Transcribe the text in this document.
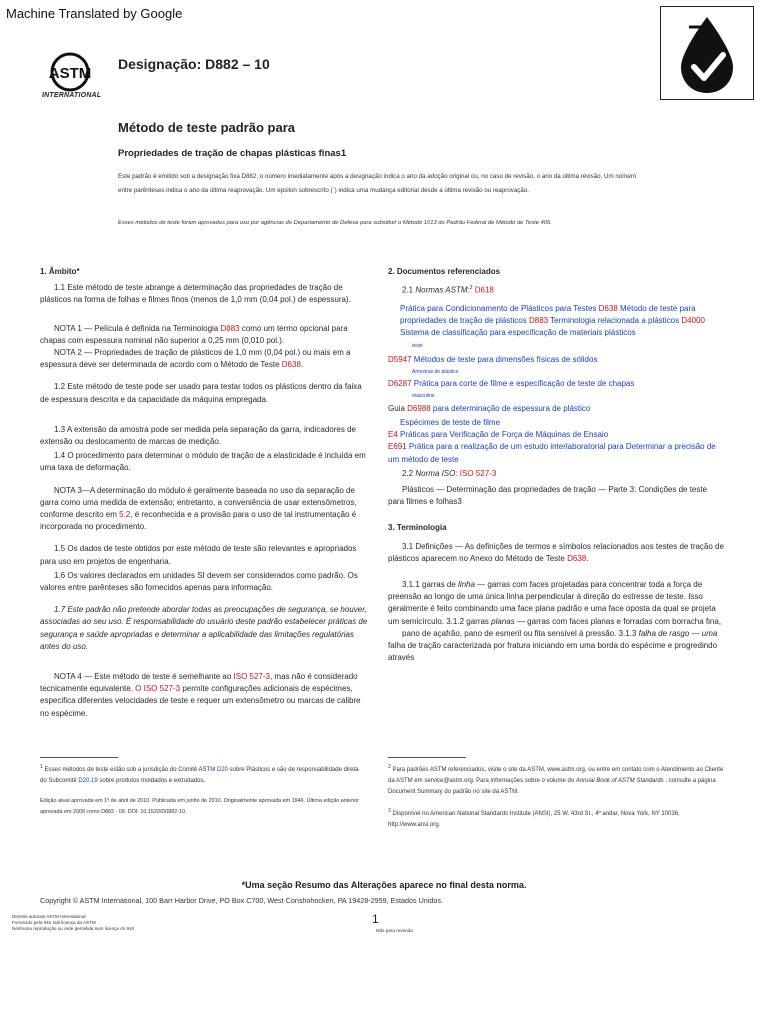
Machine Translated by Google
ASTM
INTERNATIONAL
Designação: D882 – 10
Método de teste padrão para
Propriedades de tração de chapas plásticas finas1
Este padrão é emitido sob a designação fixa D882; o número imediatamente após a designação indica o ano da adoção original ou, no caso de revisão, o ano da última revisão. Um número entre parênteses indica o ano da última reaprovação. Um epsilon sobrescrito (´) indica uma mudança editorial desde a última revisão ou reaprovação.
Esses métodos de teste foram aprovados para uso por agências do Departamento de Defesa para substituir o Método 1013 do Padrão Federal de Método de Teste 406.

1. Âmbito*

1.1 Este método de teste abrange a determinação das propriedades de tração de plásticos na forma de folhas e filmes finos (menos de 1,0 mm (0,04 pol.) de espessura).

NOTA 1 — Película é definida na Terminologia D883 como um termo opcional para chapas com espessura nominal não superior a 0,25 mm (0,010 pol.).

NOTA 2 — Propriedades de tração de plásticos de 1,0 mm (0,04 pol.) ou mais em a espessura deve ser determinada de acordo com o Método de Teste D638.

1.2 Este método de teste pode ser usado para testar todos os plásticos dentro da faixa de espessura descrita e da capacidade da máquina empregada.

1.3 A extensão da amostra pode ser medida pela separação da garra, indicadores de extensão ou deslocamento de marcas de medição.

1.4 O procedimento para determinar o módulo de tração de a elasticidade é incluída em uma taxa de deformação.

NOTA 3—A determinação do módulo é geralmente baseada no uso da separação de garra como uma medida de extensão; entretanto, a conveniência de usar extensômetros, conforme descrito em 5.2, é reconhecida e a provisão para o uso de tal instrumentação é incorporada no procedimento.

1.5 Os dados de teste obtidos por este método de teste são relevantes e apropriados para uso em projetos de engenharia.

1.6 Os valores declarados em unidades SI devem ser considerados como padrão. Os valores entre parênteses são fornecidos apenas para informação.

1.7 Este padrão não pretende abordar todas as preocupações de segurança, se houver, associadas ao seu uso. É responsabilidade do usuário deste padrão estabelecer práticas de segurança e saúde apropriadas e determinar a aplicabilidade das limitações regulatórias antes do uso.

NOTA 4 — Este método de teste é semelhante ao ISO 527-3, mas não é considerado tecnicamente equivalente. O ISO 527-3 permite configurações adicionais de espécimes, especifica diferentes velocidades de teste e requer um extensômetro ou marcas de calibre no espécime.

$^1$ Esses métodos de teste estão sob a jurisdição do Comitê ASTM D20 sobre Plásticos e são de responsabilidade direta do Subcomitê D20.19 sobre produtos moldados e extrudados.
Edição atual aprovada em 1º de abril de 2010. Publicada em junho de 2010. Originalmente aprovada em 1946. Última edição anterior aprovada em 2009 como D882 - 09. DOI: 10.1520/D0882-10.

2. Documentos referenciados

2.1 Normas ASTM:$^2$ D618

Prática para Condicionamento de Plásticos para Testes D638 Método de teste para propriedades de tração de plásticos D883 Terminologia relacionada a plásticos D4000 Sistema de classificação para especificação de materiais plásticos

teste

D5947 Métodos de teste para dimensões físicas de sólidos

Amostras de plástico

D6287 Prática para corte de filme e especificação de teste de chapas

masculino

Guia D6988 para determinação de espessura de plástico

Espécimes de teste de filme

E4 Práticas para Verificação de Força de Máquinas de Ensaio

E691 Prática para a realização de um estudo interlaboratorial para Determinar a precisão de um método de teste

2.2 Norma ISO: ISO 527-3

Plásticos — Determinação das propriedades de tração — Parte 3: Condições de teste para filmes e folhas3

3. Terminologia

3.1 Definições — As definições de termos e símbolos relacionados aos testes de tração de plásticos aparecem no Anexo do Método de Teste D638.

3.1.1 garras de linha — garras com faces projetadas para concentrar toda a força de preensão ao longo de uma única linha perpendicular à direção do estresse de teste. Isso geralmente é feito combinando uma face plana padrão e uma face oposta da qual se projeta um semicírculo. 3.1.2 garras planas — garras com faces planas e forradas com borracha fina,

pano de açafrão, pano de esmeril ou fita sensível à pressão. 3.1.3 falha de rasgo — uma falha de tração caracterizada por fratura iniciando em uma borda do espécime e progredindo através

$^2$ Para padrões ASTM referenciados, visite o site da ASTM, www.astm.org, ou entre em contato com o Atendimento ao Cliente da ASTM em service@astm.org. Para informações sobre o volume do Annual Book of ASTM Standards , consulte a página Document Summary do padrão no site da ASTM.
$^3$ Disponível no American National Standards Institute (ANSI), 25 W. 43rd St., 4º andar, Nova York, NY 10036, http://www.ansi.org.
*Uma seção Resumo das Alterações aparece no final desta norma.
Copyright © ASTM International, 100 Barr Harbor Drive, PO Box C700, West Conshohocken, PA 19428-2959, Estados Unidos.
Direitos autorais ASTM International
Fornecido pela IHS sob licença da ASTM
Nenhuma reprodução ou rede permitida sem licença do IHS
1
Não para revenda
